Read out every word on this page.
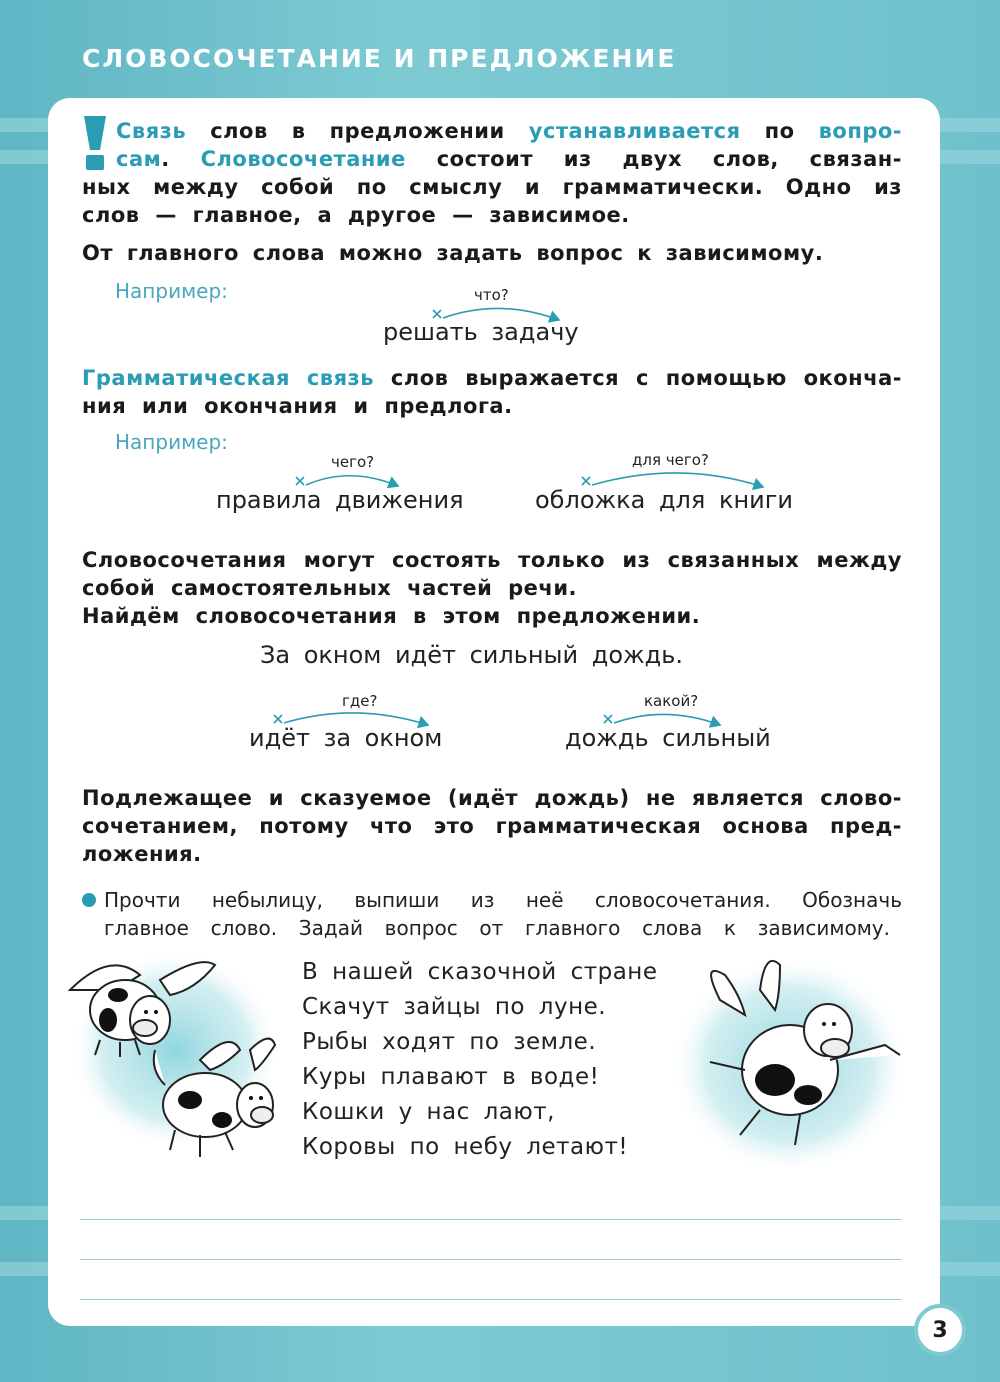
СЛОВОСОЧЕТАНИЕ И ПРЕДЛОЖЕНИЕ

Связь слов в предложении устанавливается по вопро-

сам. Словосочетание состоит из двух слов, связан-

ных между собой по смыслу и грамматически. Одно из

слов — главное, а другое — зависимое.

От главного слова можно задать вопрос к зависимому.

Например:	что?

решать задачу

Грамматическая связь слов выражается с помощью оконча-

ния или окончания и предлога.

Например:

чего?

правила движения

для чего?

обложка для книги

Словосочетания могут состоять только из связанных между

собой самостоятельных частей речи.

Найдём словосочетания в этом предложении.

За окном идёт сильный дождь.

где?

идёт за окном

какой?

дождь сильный

Подлежащее и сказуемое (идёт дождь) не является слово-

сочетанием, потому что это грамматическая основа пред-

ложения.

Прочти небылицу, выпиши из неё словосочетания. Обозначь

главное слово. Задай вопрос от главного слова к зависимому.

В нашей сказочной стране
Скачут зайцы по луне.
Рыбы ходят по земле.
Куры плавают в воде!
Кошки у нас лают,
Коровы по небу летают!
3
